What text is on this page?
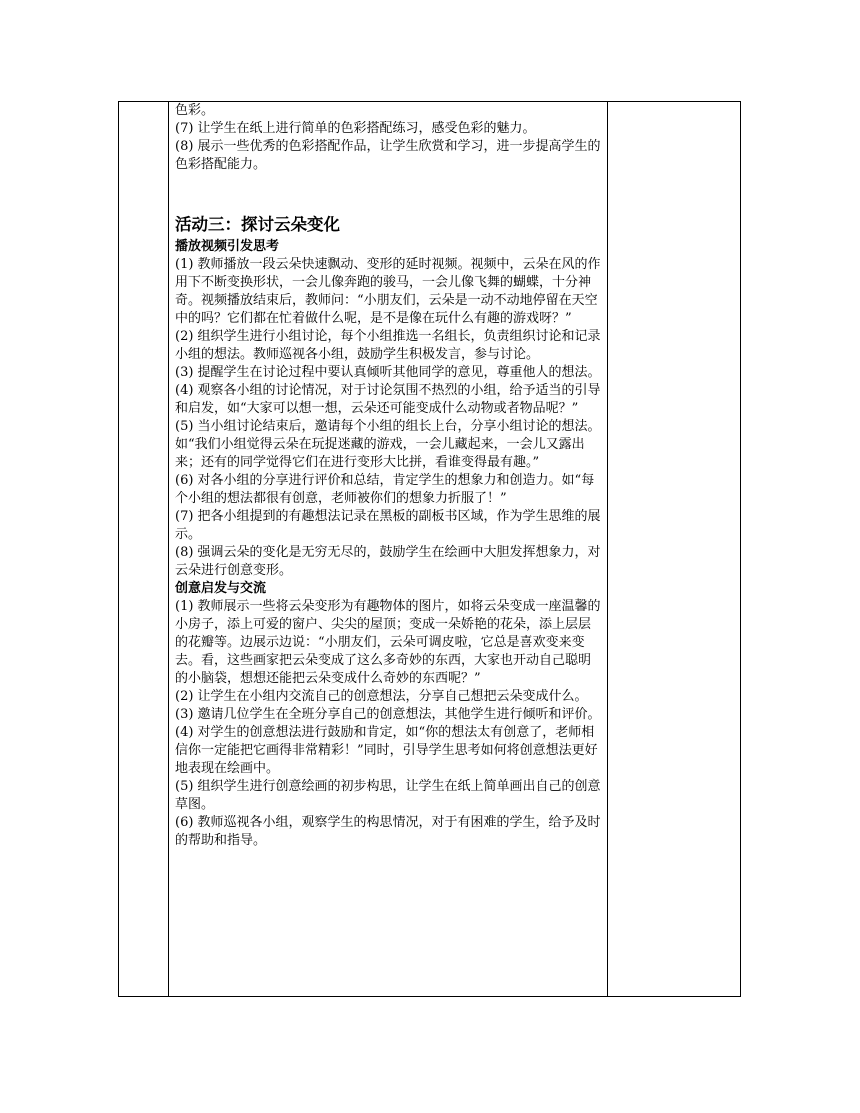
色彩。

(7) 让学生在纸上进行简单的色彩搭配练习，感受色彩的魅力。

(8) 展示一些优秀的色彩搭配作品，让学生欣赏和学习，进一步提高学生的色彩搭配能力。

活动三：探讨云朵变化
播放视频引发思考

(1) 教师播放一段云朵快速飘动、变形的延时视频。视频中，云朵在风的作用下不断变换形状，一会儿像奔跑的骏马，一会儿像飞舞的蝴蝶，十分神奇。视频播放结束后，教师问：“小朋友们，云朵是一动不动地停留在天空中的吗？它们都在忙着做什么呢，是不是像在玩什么有趣的游戏呀？”

(2) 组织学生进行小组讨论，每个小组推选一名组长，负责组织讨论和记录小组的想法。教师巡视各小组，鼓励学生积极发言，参与讨论。

(3) 提醒学生在讨论过程中要认真倾听其他同学的意见，尊重他人的想法。

(4) 观察各小组的讨论情况，对于讨论氛围不热烈的小组，给予适当的引导和启发，如“大家可以想一想，云朵还可能变成什么动物或者物品呢？”

(5) 当小组讨论结束后，邀请每个小组的组长上台，分享小组讨论的想法。如“我们小组觉得云朵在玩捉迷藏的游戏，一会儿藏起来，一会儿又露出来；还有的同学觉得它们在进行变形大比拼，看谁变得最有趣。”

(6) 对各小组的分享进行评价和总结，肯定学生的想象力和创造力。如“每个小组的想法都很有创意，老师被你们的想象力折服了！”

(7) 把各小组提到的有趣想法记录在黑板的副板书区域，作为学生思维的展示。

(8) 强调云朵的变化是无穷无尽的，鼓励学生在绘画中大胆发挥想象力，对云朵进行创意变形。

创意启发与交流

(1) 教师展示一些将云朵变形为有趣物体的图片，如将云朵变成一座温馨的小房子，添上可爱的窗户、尖尖的屋顶；变成一朵娇艳的花朵，添上层层的花瓣等。边展示边说：“小朋友们，云朵可调皮啦，它总是喜欢变来变去。看，这些画家把云朵变成了这么多奇妙的东西，大家也开动自己聪明的小脑袋，想想还能把云朵变成什么奇妙的东西呢？”

(2) 让学生在小组内交流自己的创意想法，分享自己想把云朵变成什么。

(3) 邀请几位学生在全班分享自己的创意想法，其他学生进行倾听和评价。

(4) 对学生的创意想法进行鼓励和肯定，如“你的想法太有创意了，老师相信你一定能把它画得非常精彩！”同时，引导学生思考如何将创意想法更好地表现在绘画中。

(5) 组织学生进行创意绘画的初步构思，让学生在纸上简单画出自己的创意草图。

(6) 教师巡视各小组，观察学生的构思情况，对于有困难的学生，给予及时的帮助和指导。
